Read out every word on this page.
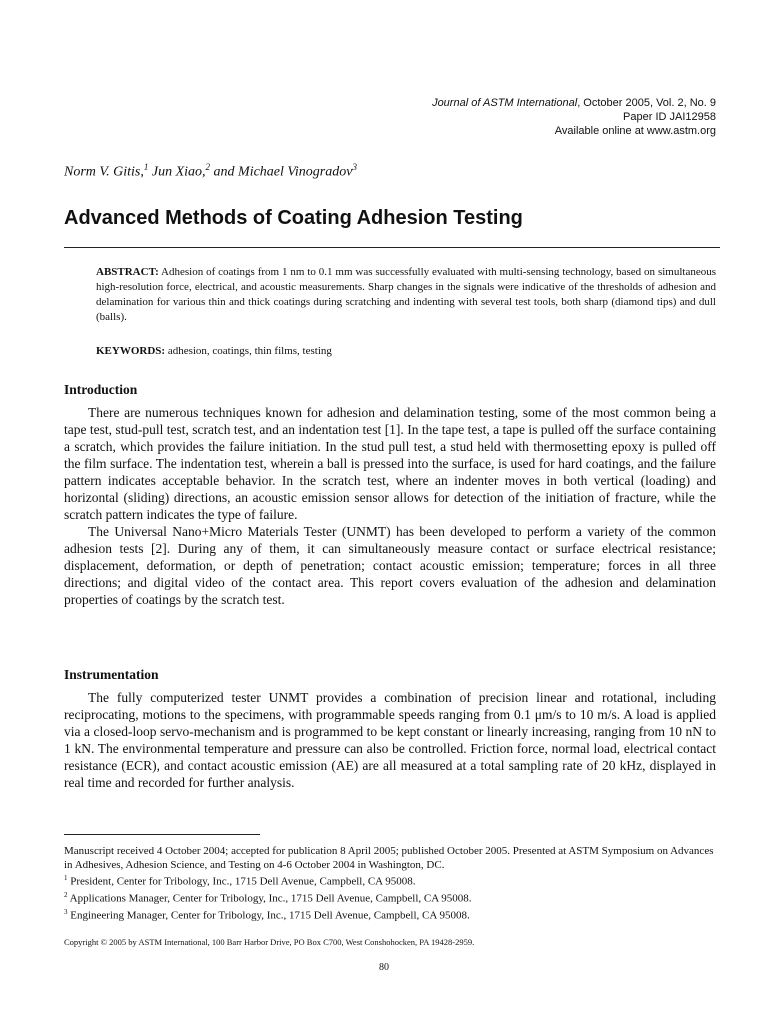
Journal of ASTM International, October 2005, Vol. 2, No. 9
Paper ID JAI12958
Available online at www.astm.org
Norm V. Gitis,$^1$ Jun Xiao,$^2$ and Michael Vinogradov$^3$
Advanced Methods of Coating Adhesion Testing
ABSTRACT: Adhesion of coatings from 1 nm to 0.1 mm was successfully evaluated with multi-sensing technology, based on simultaneous high-resolution force, electrical, and acoustic measurements. Sharp changes in the signals were indicative of the thresholds of adhesion and delamination for various thin and thick coatings during scratching and indenting with several test tools, both sharp (diamond tips) and dull (balls).
KEYWORDS: adhesion, coatings, thin films, testing
Introduction

There are numerous techniques known for adhesion and delamination testing, some of the most common being a tape test, stud-pull test, scratch test, and an indentation test [1]. In the tape test, a tape is pulled off the surface containing a scratch, which provides the failure initiation. In the stud pull test, a stud held with thermosetting epoxy is pulled off the film surface. The indentation test, wherein a ball is pressed into the surface, is used for hard coatings, and the failure pattern indicates acceptable behavior. In the scratch test, where an indenter moves in both vertical (loading) and horizontal (sliding) directions, an acoustic emission sensor allows for detection of the initiation of fracture, while the scratch pattern indicates the type of failure.

The Universal Nano+Micro Materials Tester (UNMT) has been developed to perform a variety of the common adhesion tests [2]. During any of them, it can simultaneously measure contact or surface electrical resistance; displacement, deformation, or depth of penetration; contact acoustic emission; temperature; forces in all three directions; and digital video of the contact area. This report covers evaluation of the adhesion and delamination properties of coatings by the scratch test.

Instrumentation

The fully computerized tester UNMT provides a combination of precision linear and rotational, including reciprocating, motions to the specimens, with programmable speeds ranging from 0.1 μm/s to 10 m/s. A load is applied via a closed-loop servo-mechanism and is programmed to be kept constant or linearly increasing, ranging from 10 nN to 1 kN. The environmental temperature and pressure can also be controlled. Friction force, normal load, electrical contact resistance (ECR), and contact acoustic emission (AE) are all measured at a total sampling rate of 20 kHz, displayed in real time and recorded for further analysis.

Manuscript received 4 October 2004; accepted for publication 8 April 2005; published October 2005. Presented at ASTM Symposium on Advances in Adhesives, Adhesion Science, and Testing on 4-6 October 2004 in Washington, DC.

$^1$ President, Center for Tribology, Inc., 1715 Dell Avenue, Campbell, CA 95008.

$^2$ Applications Manager, Center for Tribology, Inc., 1715 Dell Avenue, Campbell, CA 95008.

$^3$ Engineering Manager, Center for Tribology, Inc., 1715 Dell Avenue, Campbell, CA 95008.

Copyright © 2005 by ASTM International, 100 Barr Harbor Drive, PO Box C700, West Conshohocken, PA 19428-2959.
80
